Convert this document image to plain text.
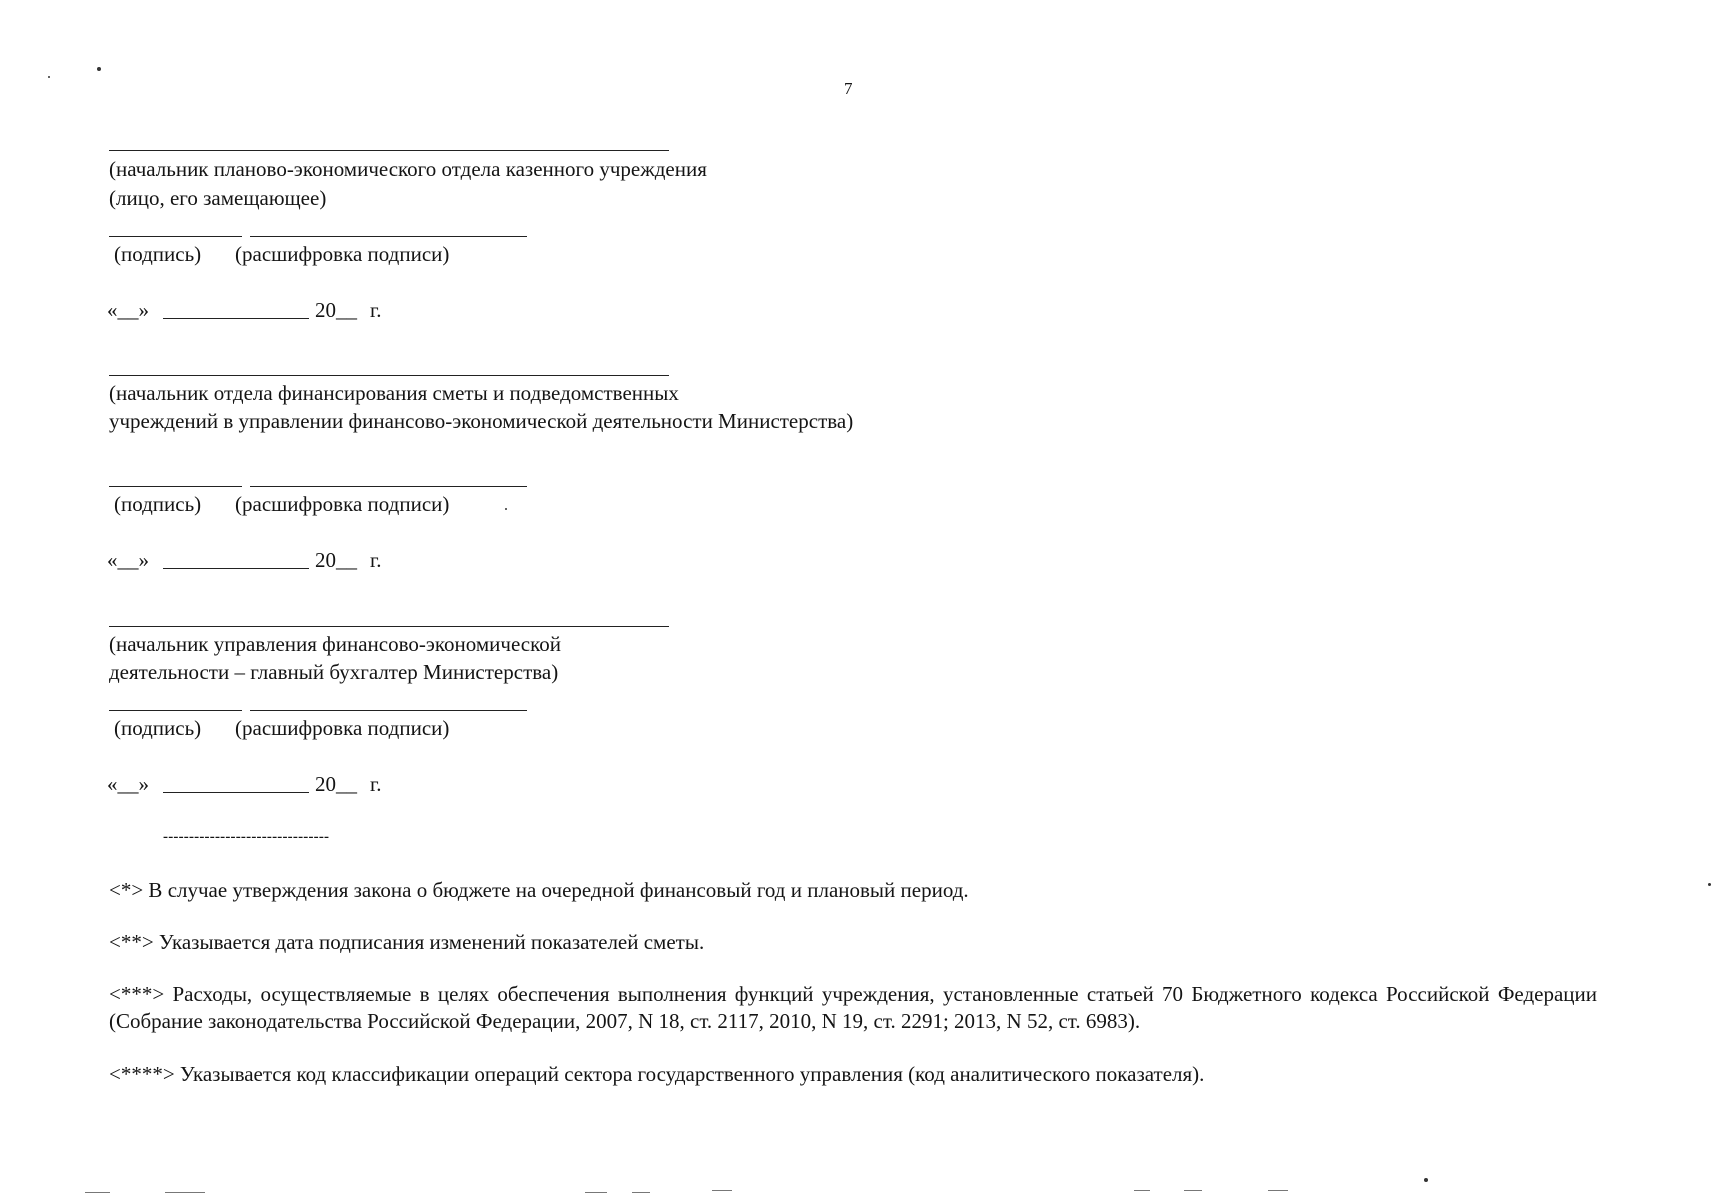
7
(начальник планово-экономического отдела казенного учреждения
(лицо, его замещающее)
(подпись) (расшифровка подписи)
«__»	20__ г.
(начальник отдела финансирования сметы и подведомственных
учреждений в управлении финансово-экономической деятельности Министерства)
(подпись) (расшифровка подписи)
«__»	20__ г.
(начальник управления финансово-экономической
деятельности – главный бухгалтер Министерства)
(подпись) (расшифровка подписи)
«__»	20__ г.
--------------------------------
<*> В случае утверждения закона о бюджете на очередной финансовый год и плановый период.
<**> Указывается дата подписания изменений показателей сметы.
<***> Расходы, осуществляемые в целях обеспечения выполнения функций учреждения, установленные статьей 70 Бюджетного кодекса Российской Федерации (Собрание законодательства Российской Федерации, 2007, N 18, ст. 2117, 2010, N 19, ст. 2291; 2013, N 52, ст. 6983).
<****> Указывается код классификации операций сектора государственного управления (код аналитического показателя).
